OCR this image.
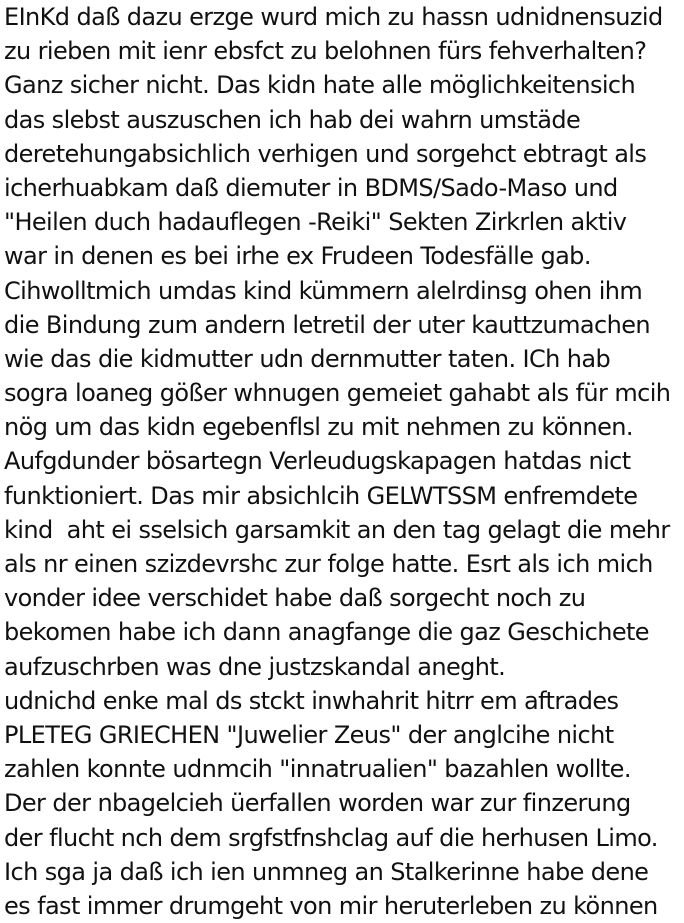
EInKd daß dazu erzge wurd mich zu hassn udnidnensuzid
zu rieben mit ienr ebsfct zu belohnen fürs fehverhalten?
Ganz sicher nicht. Das kidn hate alle möglichkeitensich
das slebst auszuschen ich hab dei wahrn umstäde
deretehungabsichlich verhigen und sorgehct ebtragt als
icherhuabkam daß diemuter in BDMS/Sado-Maso und
"Heilen duch hadauflegen -Reiki" Sekten Zirkrlen aktiv
war in denen es bei irhe ex Frudeen Todesfälle gab.
Cihwolltmich umdas kind kümmern alelrdinsg ohen ihm
die Bindung zum andern letretil der uter kauttzumachen
wie das die kidmutter udn dernmutter taten. ICh hab
sogra loaneg gößer whnugen gemeiet gahabt als für mcih
nög um das kidn egebenflsl zu mit nehmen zu können.
Aufgdunder bösartegn Verleudugskapagen hatdas nict
funktioniert. Das mir absichlcih GELWTSSM enfremdete
kind  aht ei sselsich garsamkit an den tag gelagt die mehr
als nr einen szizdevrshc zur folge hatte. Esrt als ich mich
vonder idee verschidet habe daß sorgecht noch zu
bekomen habe ich dann anagfange die gaz Geschichete
aufzuschrben was dne justzskandal aneght.
udnichd enke mal ds stckt inwhahrit hitrr em aftrades
PLETEG GRIECHEN "Juwelier Zeus" der anglcihe nicht
zahlen konnte udnmcih "innatrualien" bazahlen wollte.
Der der nbagelcieh üerfallen worden war zur finzerung
der flucht nch dem srgfstfnshclag auf die herhusen Limo.
Ich sga ja daß ich ien unmneg an Stalkerinne habe dene
es fast immer drumgeht von mir heruterleben zu können
